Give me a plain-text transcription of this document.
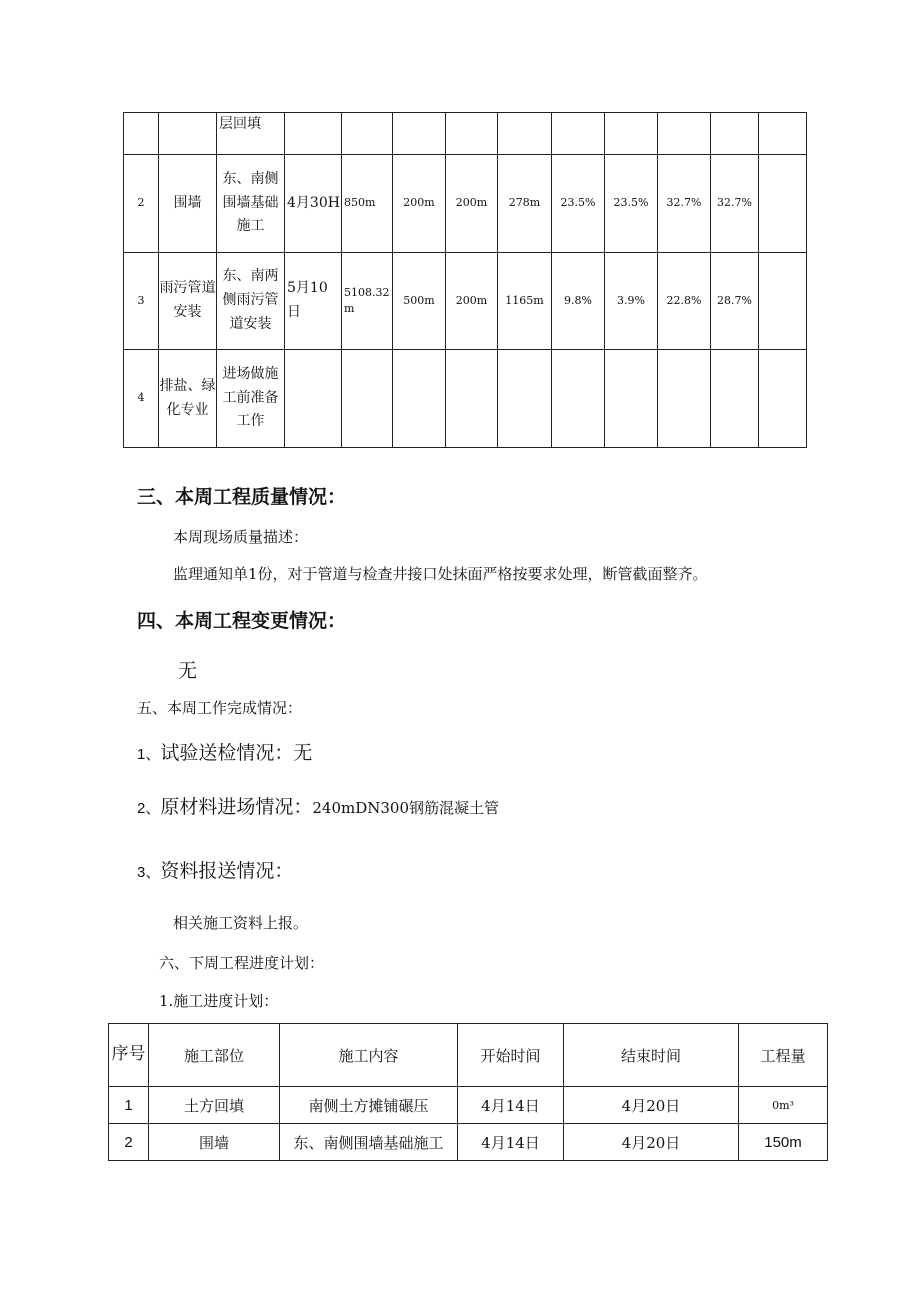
		层回填										
2	围墙	东、南侧围墙基础施工	4月30H	850m	200m	200m	278m	23.5%	23.5%	32.7%	32.7%	
3	雨污管道安装	东、南两侧雨污管道安装	5月10日	5108.32m	500m	200m	1165m	9.8%	3.9%	22.8%	28.7%	
4	排盐、绿化专业	进场做施工前准备工作										
三、本周工程质量情况：
本周现场质量描述：
监理通知单1份，对于管道与检查井接口处抹面严格按要求处理，断管截面整齐。
四、本周工程变更情况：
无
五、本周工作完成情况：
1、试验送检情况：无
2、原材料进场情况：240mDN300钢筋混凝土管
3、资料报送情况：
相关施工资料上报。
六、下周工程进度计划：
1.施工进度计划：
序号	施工部位	施工内容	开始时间	结束时间	工程量
1	土方回填	南侧土方摊铺碾压	4月14日	4月20日	0m³
2	围墙	东、南侧围墙基础施工	4月14日	4月20日	150m
